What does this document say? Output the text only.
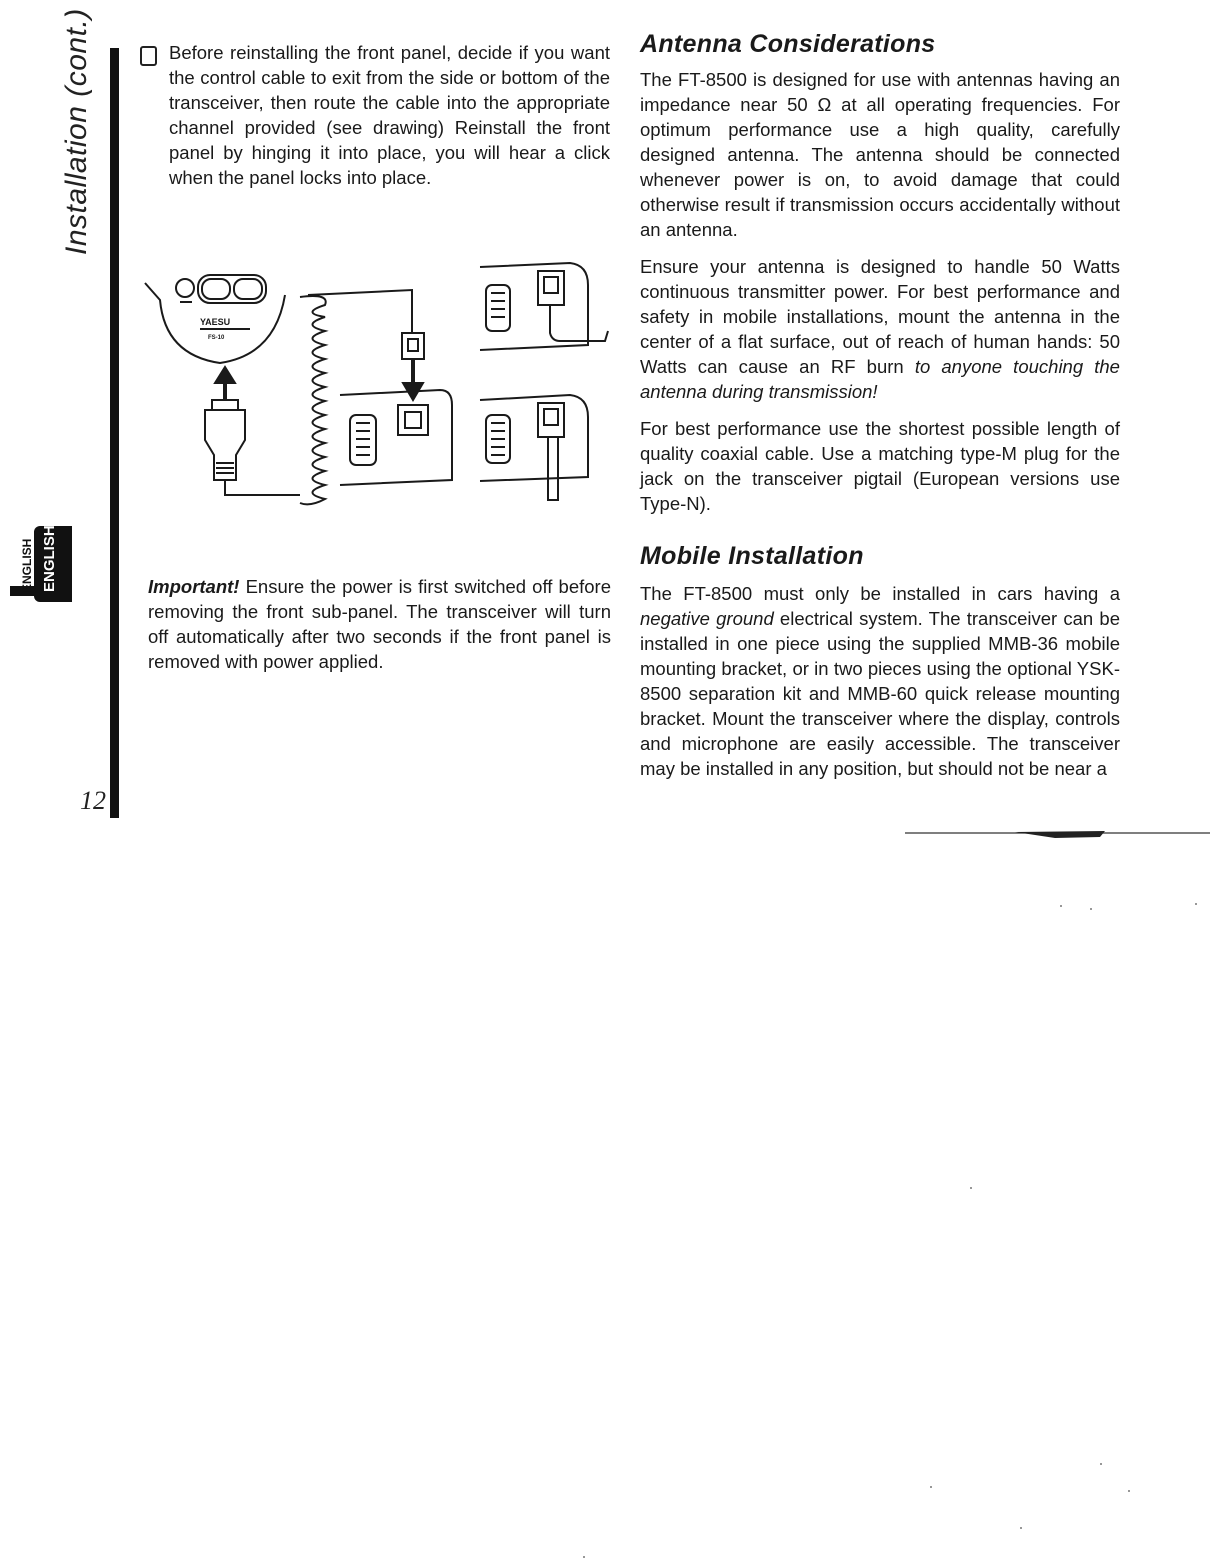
Installation (cont.)
12
ENGLISH ENGLISH

Before reinstalling the front panel, decide if you want the control cable to exit from the side or bottom of the transceiver, then route the cable into the appropriate channel provided (see drawing) Reinstall the front panel by hinging it into place, you will hear a click when the panel locks into place.

YAESU
FS-10

Important! Ensure the power is first switched off before removing the front sub-panel. The transceiver will turn off automatically after two seconds if the front panel is removed with power applied.

Antenna Considerations

The FT-8500 is designed for use with antennas having an impedance near 50 Ω at all operating frequencies. For optimum performance use a high quality, carefully designed antenna. The antenna should be connected whenever power is on, to avoid damage that could otherwise result if transmission occurs accidentally without an antenna.

Ensure your antenna is designed to handle 50 Watts continuous transmitter power. For best performance and safety in mobile installations, mount the antenna in the center of a flat surface, out of reach of human hands: 50 Watts can cause an RF burn to anyone touching the antenna during transmission!

For best performance use the shortest possible length of quality coaxial cable. Use a matching type-M plug for the jack on the transceiver pigtail (European versions use Type-N).

Mobile Installation

The FT-8500 must only be installed in cars having a negative ground electrical system. The transceiver can be installed in one piece using the supplied MMB-36 mobile mounting bracket, or in two pieces using the optional YSK-8500 separation kit and MMB-60 quick release mounting bracket. Mount the transceiver where the display, controls and microphone are easily accessible. The transceiver may be installed in any position, but should not be near a
